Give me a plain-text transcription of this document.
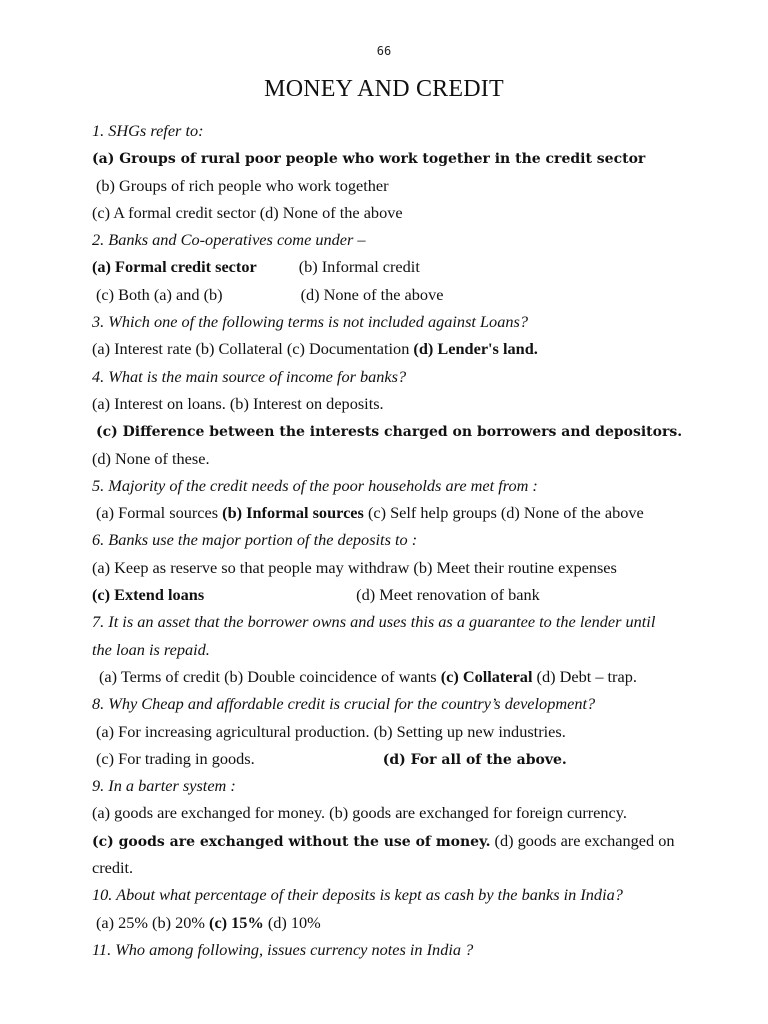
66
MONEY AND CREDIT
1. SHGs refer to:
(a) Groups of rural poor people who work together in the credit sector
(b) Groups of rich people who work together
(c) A formal credit sector (d) None of the above
2. Banks and Co-operatives come under –
(a) Formal credit sector	(b) Informal credit
(c) Both (a) and (b)	(d) None of the above
3. Which one of the following terms is not included against Loans?
(a) Interest rate (b) Collateral (c) Documentation (d) Lender's land.
4. What is the main source of income for banks?
(a) Interest on loans. (b) Interest on deposits.
(c) Difference between the interests charged on borrowers and depositors.
(d) None of these.
5. Majority of the credit needs of the poor households are met from :
(a) Formal sources (b) Informal sources (c) Self help groups (d) None of the above
6. Banks use the major portion of the deposits to :
(a) Keep as reserve so that people may withdraw (b) Meet their routine expenses
(c) Extend loans	(d) Meet renovation of bank
7. It is an asset that the borrower owns and uses this as a guarantee to the lender until
the loan is repaid.
(a) Terms of credit (b) Double coincidence of wants (c) Collateral (d) Debt – trap.
8. Why Cheap and affordable credit is crucial for the country’s development?
(a) For increasing agricultural production. (b) Setting up new industries.
(c) For trading in goods.	(d) For all of the above.
9. In a barter system :
(a) goods are exchanged for money. (b) goods are exchanged for foreign currency.
(c) goods are exchanged without the use of money. (d) goods are exchanged on
credit.
10. About what percentage of their deposits is kept as cash by the banks in India?
(a) 25% (b) 20% (c) 15% (d) 10%
11. Who among following, issues currency notes in India ?
